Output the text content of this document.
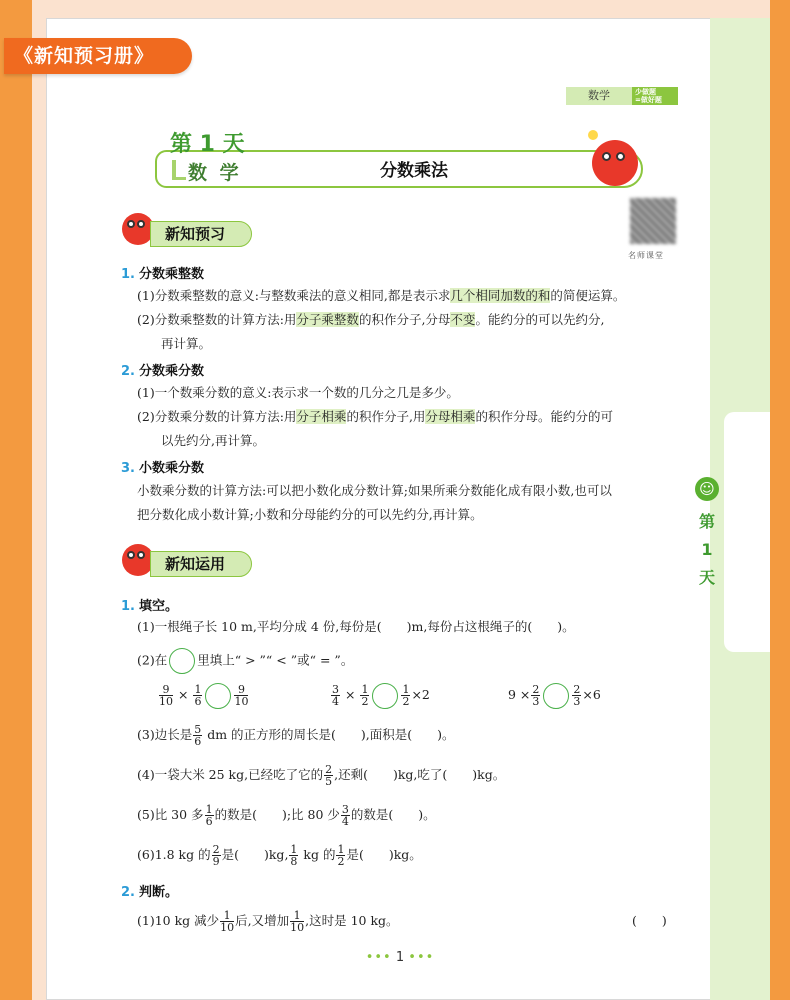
《新知预习册》
数学	少做题
=做好题
第 1 天
数 学	分数乘法
名师课堂
新知预习
1. 分数乘整数
(1)分数乘整数的意义:与整数乘法的意义相同,都是表示求几个相同加数的和的简便运算。
(2)分数乘整数的计算方法:用分子乘整数的积作分子,分母不变。能约分的可以先约分,
再计算。
2. 分数乘分数
(1)一个数乘分数的意义:表示求一个数的几分之几是多少。
(2)分数乘分数的计算方法:用分子相乘的积作分子,用分母相乘的积作分母。能约分的可
以先约分,再计算。
3. 小数乘分数
小数乘分数的计算方法:可以把小数化成分数计算;如果所乘分数能化成有限小数,也可以
把分数化成小数计算;小数和分母能约分的可以先约分,再计算。
新知运用
1. 填空。
(1)一根绳子长 10 m,平均分成 4 份,每份是(　　)m,每份占这根绳子的(　　)。
(2)在 里填上“ > ”“ < ”或“ = ”。
$\frac{9}{10} \times \frac{1}{6}$	$\frac{9}{10}$	$\frac{3}{4} \times \frac{1}{2}$	$\frac{1}{2} \times 2$	$9 \times \frac{2}{3}$	$\frac{2}{3} \times 6$
(3)边长是 $\frac{5}{6}$ dm 的正方形的周长是(　　),面积是(　　)。
(4)一袋大米 25 kg,已经吃了它的 $\frac{2}{5}$ ,还剩(　　)kg,吃了(　　)kg。
(5)比 30 多 $\frac{1}{6}$ 的数是(　　);比 80 少 $\frac{3}{4}$ 的数是(　　)。
(6)1.8 kg 的 $\frac{2}{9}$ 是(　　)kg, $\frac{1}{8}$ kg 的 $\frac{1}{2}$ 是(　　)kg。
2. 判断。
(1)10 kg 减少 $\frac{1}{10}$ 后,又增加 $\frac{1}{10}$ ,这时是 10 kg。	(　　)
☺
第
1
天
••• 1 •••
